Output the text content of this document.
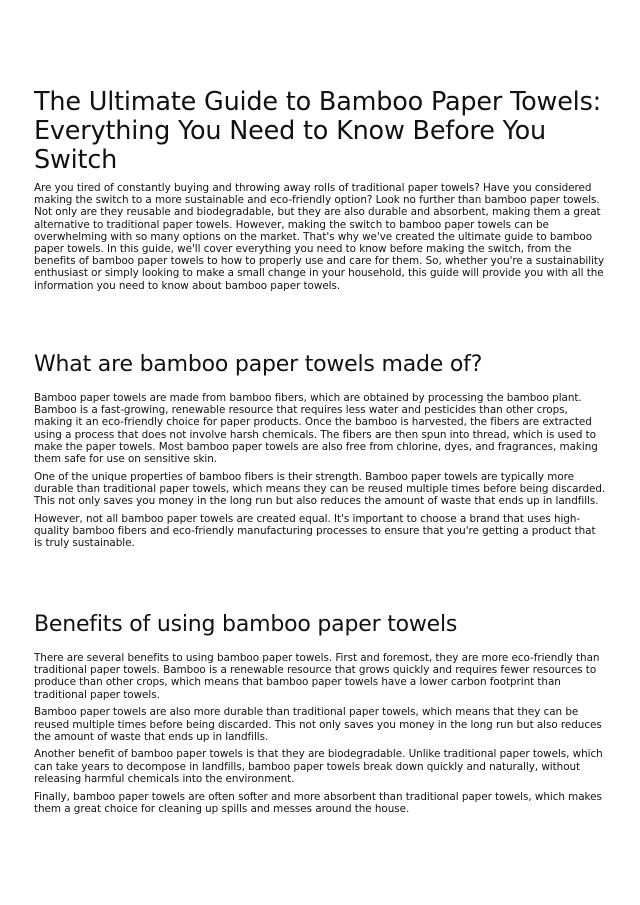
The Ultimate Guide to Bamboo Paper Towels: Everything You Need to Know Before You Switch

Are you tired of constantly buying and throwing away rolls of traditional paper towels? Have you considered making the switch to a more sustainable and eco-friendly option? Look no further than bamboo paper towels. Not only are they reusable and biodegradable, but they are also durable and absorbent, making them a great alternative to traditional paper towels. However, making the switch to bamboo paper towels can be overwhelming with so many options on the market. That's why we've created the ultimate guide to bamboo paper towels. In this guide, we'll cover everything you need to know before making the switch, from the benefits of bamboo paper towels to how to properly use and care for them. So, whether you're a sustainability enthusiast or simply looking to make a small change in your household, this guide will provide you with all the information you need to know about bamboo paper towels.

What are bamboo paper towels made of?

Bamboo paper towels are made from bamboo fibers, which are obtained by processing the bamboo plant. Bamboo is a fast-growing, renewable resource that requires less water and pesticides than other crops, making it an eco-friendly choice for paper products. Once the bamboo is harvested, the fibers are extracted using a process that does not involve harsh chemicals. The fibers are then spun into thread, which is used to make the paper towels. Most bamboo paper towels are also free from chlorine, dyes, and fragrances, making them safe for use on sensitive skin.

One of the unique properties of bamboo fibers is their strength. Bamboo paper towels are typically more durable than traditional paper towels, which means they can be reused multiple times before being discarded. This not only saves you money in the long run but also reduces the amount of waste that ends up in landfills.

However, not all bamboo paper towels are created equal. It's important to choose a brand that uses high-quality bamboo fibers and eco-friendly manufacturing processes to ensure that you're getting a product that is truly sustainable.

Benefits of using bamboo paper towels

There are several benefits to using bamboo paper towels. First and foremost, they are more eco-friendly than traditional paper towels. Bamboo is a renewable resource that grows quickly and requires fewer resources to produce than other crops, which means that bamboo paper towels have a lower carbon footprint than traditional paper towels.

Bamboo paper towels are also more durable than traditional paper towels, which means that they can be reused multiple times before being discarded. This not only saves you money in the long run but also reduces the amount of waste that ends up in landfills.

Another benefit of bamboo paper towels is that they are biodegradable. Unlike traditional paper towels, which can take years to decompose in landfills, bamboo paper towels break down quickly and naturally, without releasing harmful chemicals into the environment.

Finally, bamboo paper towels are often softer and more absorbent than traditional paper towels, which makes them a great choice for cleaning up spills and messes around the house.
